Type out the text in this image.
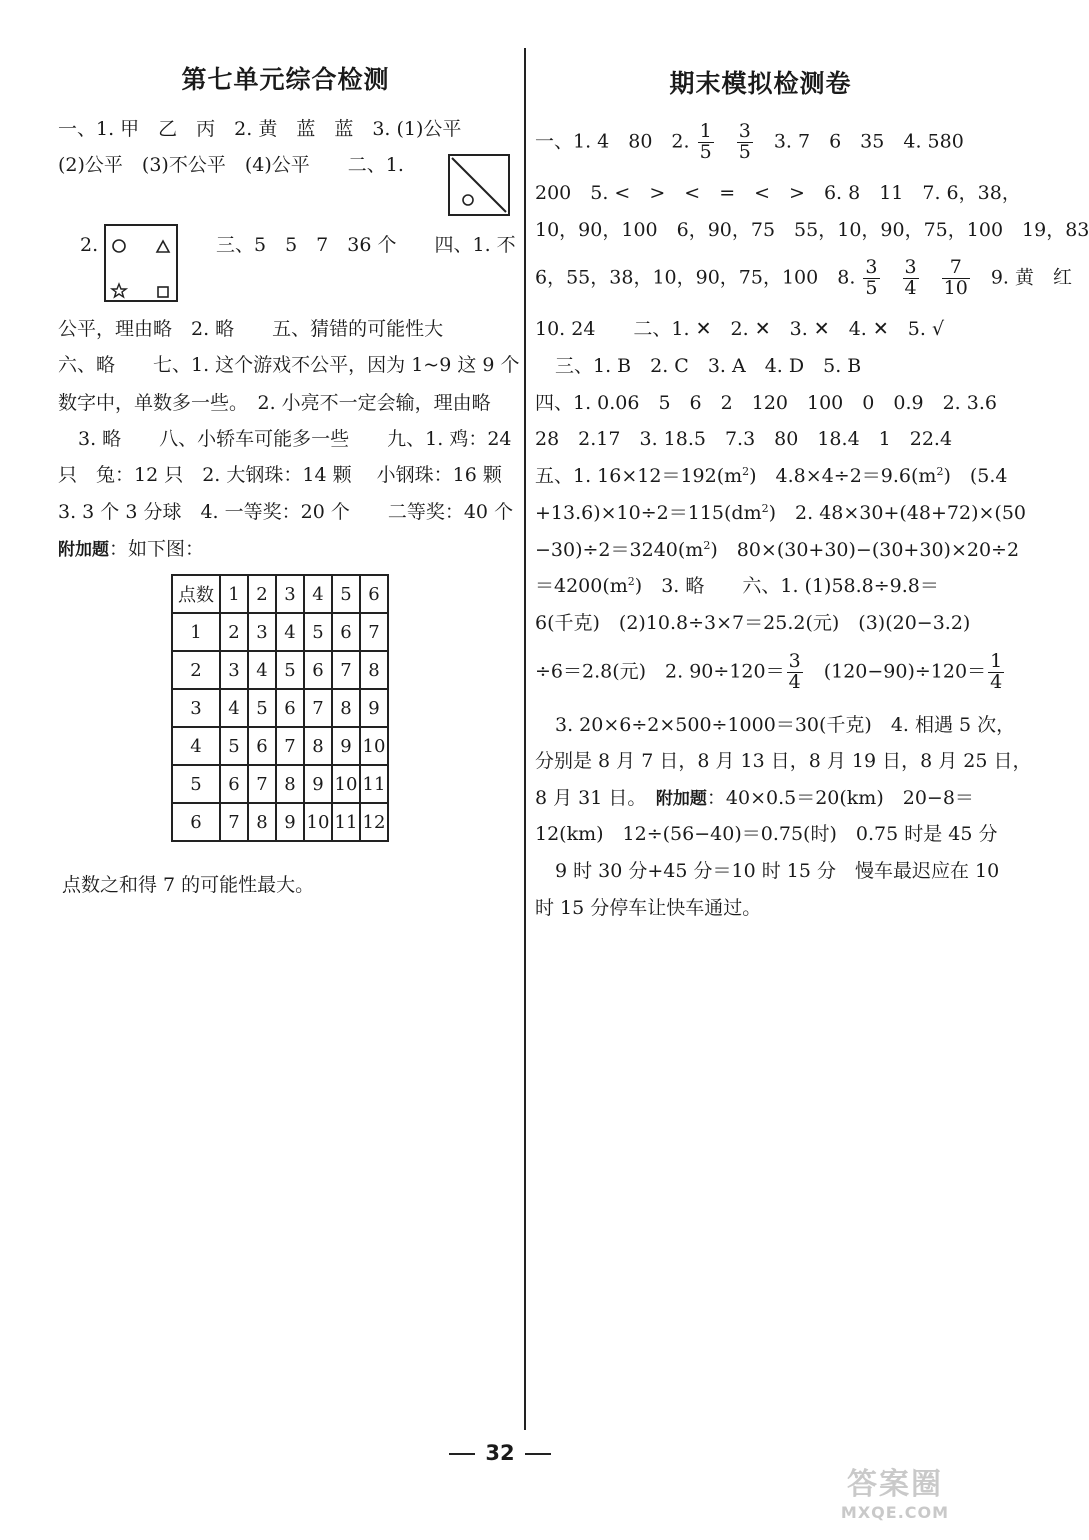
第七单元综合检测
一、1. 甲　乙　丙　2. 黄　蓝　蓝　3. (1)公平
(2)公平　(3)不公平　(4)公平　　二、1.
2.	三、5　5　7　36 个　　四、1. 不
公平，理由略　2. 略　　五、猜错的可能性大
六、略　　七、1. 这个游戏不公平，因为 1~9 这 9 个
数字中，单数多一些。　2. 小亮不一定会输，理由略
3. 略　　八、小轿车可能多一些　　九、1. 鸡：24
只　兔：12 只　2. 大钢珠：14 颗　 小钢珠：16 颗
3. 3 个 3 分球　4. 一等奖：20 个　　二等奖：40 个
附加题：如下图：
点数	1	2	3	4	5	6
1	2	3	4	5	6	7
2	3	4	5	6	7	8
3	4	5	6	7	8	9
4	5	6	7	8	9	10
5	6	7	8	9	10	11
6	7	8	9	10	11	12
点数之和得 7 的可能性最大。
期末模拟检测卷
一、1. 4　80　2. $\frac{1}{5}$
　 $\frac{3}{5}$
　 3. 7　6　35　4. 580
200　5. <　>　<　=　<　>　6. 8　11　7. 6，38，
10，90，100　6，90，75　55，10，90，75，100　19，83
6，55，38，10，90，75，100　8. $\frac{3}{5}$
　 $\frac{3}{4}$
　 $\frac{7}{10}$
　 9. 黄　红
10. 24　　二、1. ✕　2. ✕　3. ✕　4. ✕　5. √
三、1. B　2. C　3. A　4. D　5. B
四、1. 0.06　5　6　2　120　100　0　0.9　2. 3.6
28　2.17　3. 18.5　7.3　80　18.4　1　22.4
五、1. $16\times 12=192(m^2)$　$4.8\times 4\div 2=9.6(m^2)$　(5.4
$+13.6)\times 10\div 2=115(dm^2)$　2. 48×30+(48+72)×(50
$-30)\div 2=3240(m^2)$　80×(30+30)−(30+30)×20÷2
$=4200(m^2)$　3. 略　　六、1. (1)58.8÷9.8＝
6(千克)　(2)10.8÷3×7＝25.2(元)　(3)(20−3.2)
÷6＝2.8(元)　2. $90\div 120= \frac{3}{4}$
　 $(120-90)\div 120= \frac{1}{4}$
3. 20×6÷2×500÷1000＝30(千克)　4. 相遇 5 次，
分别是 8 月 7 日，8 月 13 日，8 月 19 日，8 月 25 日，
8 月 31 日。　附加题：40×0.5＝20(km)　20−8＝
12(km)　12÷(56−40)＝0.75(时)　0.75 时是 45 分
9 时 30 分+45 分＝10 时 15 分　慢车最迟应在 10
时 15 分停车让快车通过。
32
答案圈
MXQE.COM
